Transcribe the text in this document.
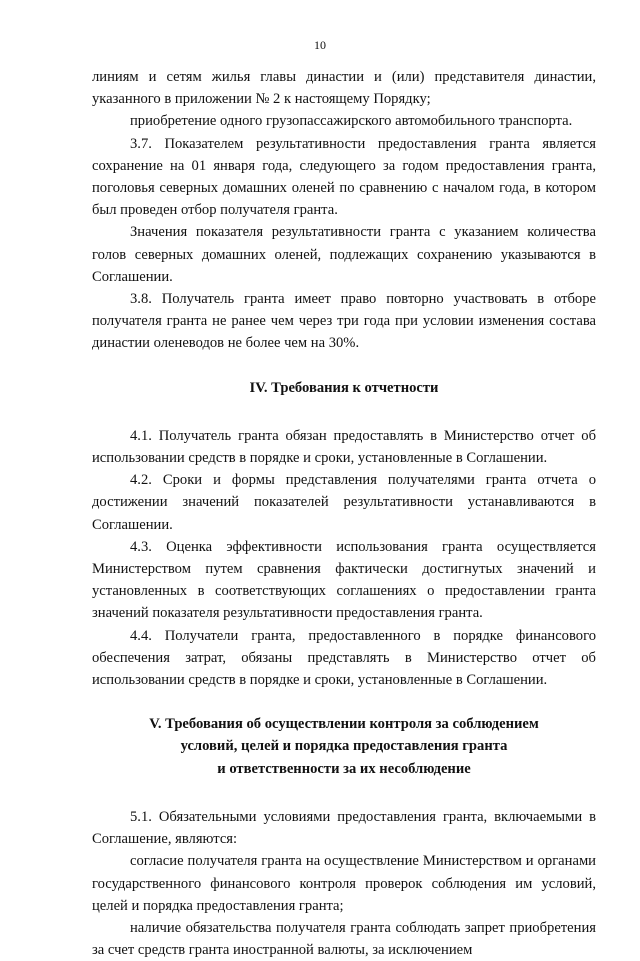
10

линиям и сетям жилья главы династии и (или) представителя династии, указанного в приложении № 2 к настоящему Порядку;

приобретение одного грузопассажирского автомобильного транспорта.

3.7. Показателем результативности предоставления гранта является сохранение на 01 января года, следующего за годом предоставления гранта, поголовья северных домашних оленей по сравнению с началом года, в котором был проведен отбор получателя гранта.

Значения показателя результативности гранта с указанием количества голов северных домашних оленей, подлежащих сохранению указываются в Соглашении.

3.8. Получатель гранта имеет право повторно участвовать в отборе получателя гранта не ранее чем через три года при условии изменения состава династии оленеводов не более чем на 30%.

IV. Требования к отчетности

4.1. Получатель гранта обязан предоставлять в Министерство отчет об использовании средств в порядке и сроки, установленные в Соглашении.

4.2. Сроки и формы представления получателями гранта отчета о достижении значений показателей результативности устанавливаются в Соглашении.

4.3. Оценка эффективности использования гранта осуществляется Министерством путем сравнения фактически достигнутых значений и установленных в соответствующих соглашениях о предоставлении гранта значений показателя результативности предоставления гранта.

4.4. Получатели гранта, предоставленного в порядке финансового обеспечения затрат, обязаны представлять в Министерство отчет об использовании средств в порядке и сроки, установленные в Соглашении.

V. Требования об осуществлении контроля за соблюдением

условий, целей и порядка предоставления гранта

и ответственности за их несоблюдение

5.1. Обязательными условиями предоставления гранта, включаемыми в Соглашение, являются:

согласие получателя гранта на осуществление Министерством и органами государственного финансового контроля проверок соблюдения им условий, целей и порядка предоставления гранта;

наличие обязательства получателя гранта соблюдать запрет приобретения за счет средств гранта иностранной валюты, за исключением
